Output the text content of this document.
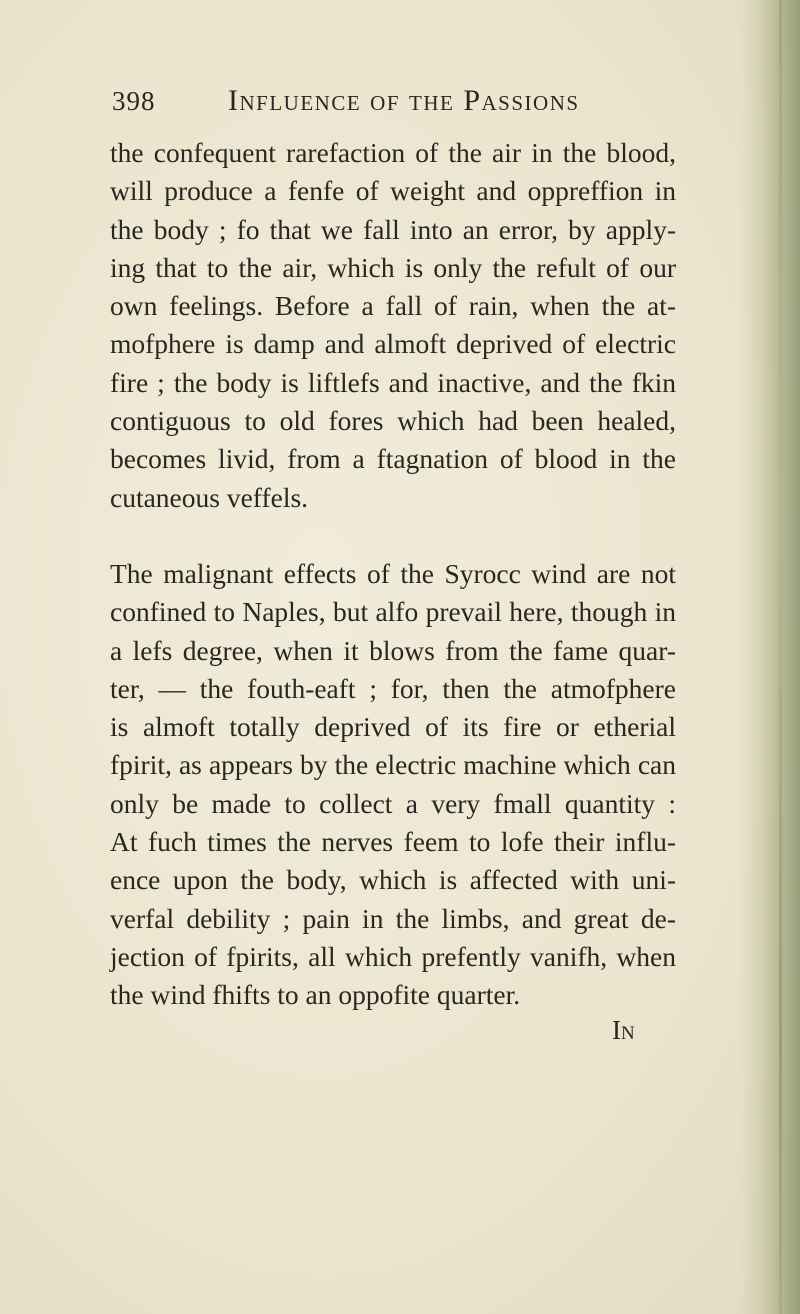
398 Influence of the Passions
the confequent rarefaction of the air in the blood,
will produce a fenfe of weight and oppreffion in
the body ; fo that we fall into an error, by apply-
ing that to the air, which is only the refult of our
own feelings. Before a fall of rain, when the at-
mofphere is damp and almoft deprived of electric
fire ; the body is liftlefs and inactive, and the fkin
contiguous to old fores which had been healed,
becomes livid, from a ftagnation of blood in the
cutaneous veffels.
The malignant effects of the Syrocc wind are not
confined to Naples, but alfo prevail here, though in
a lefs degree, when it blows from the fame quar-
ter, — the fouth-eaft ; for, then the atmofphere
is almoft totally deprived of its fire or etherial
fpirit, as appears by the electric machine which can
only be made to collect a very fmall quantity :
At fuch times the nerves feem to lofe their influ-
ence upon the body, which is affected with uni-
verfal debility ; pain in the limbs, and great de-
jection of fpirits, all which prefently vanifh, when
the wind fhifts to an oppofite quarter.
In
